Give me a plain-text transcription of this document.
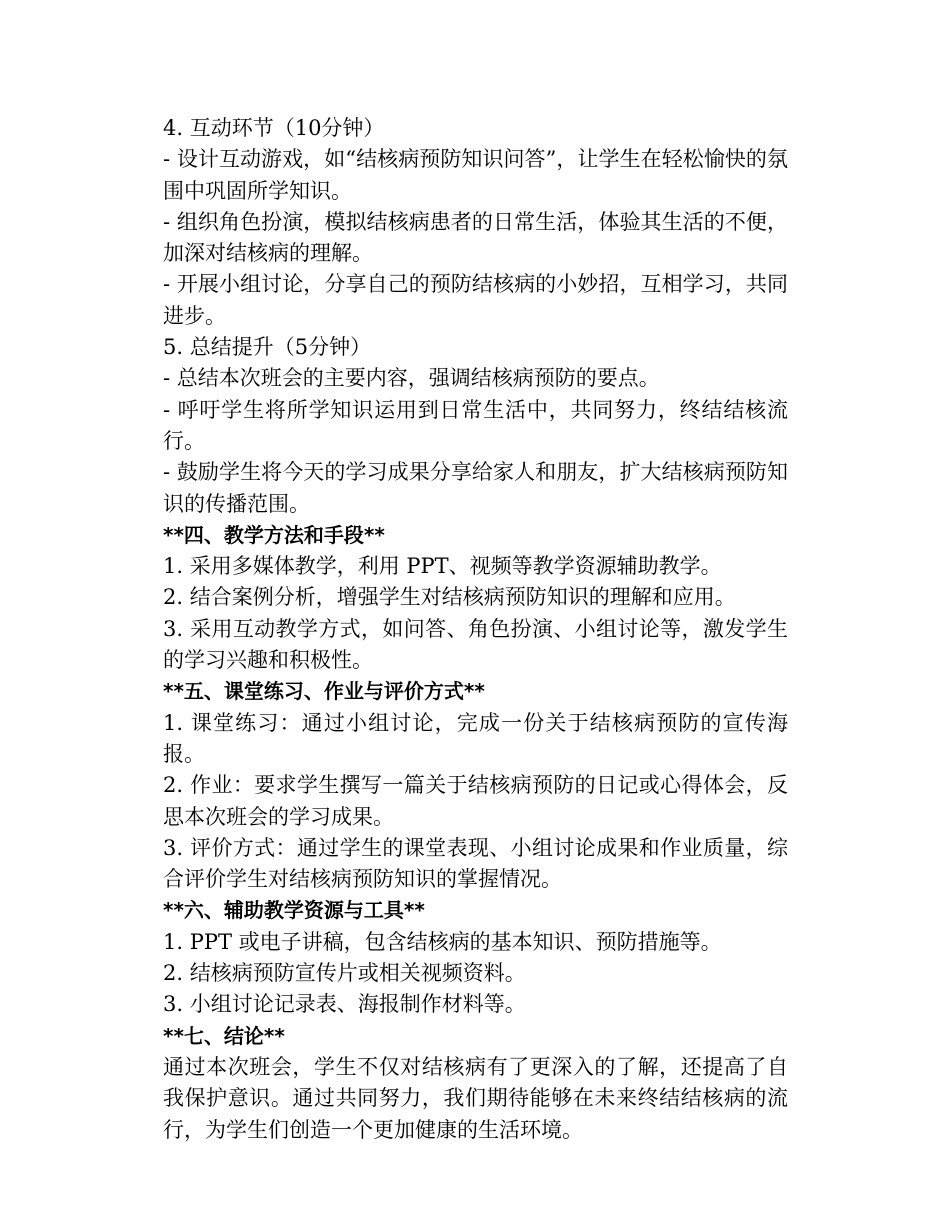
4. 互动环节（10分钟）

- 设计互动游戏，如“结核病预防知识问答”，让学生在轻松愉快的氛围中巩固所学知识。

- 组织角色扮演，模拟结核病患者的日常生活，体验其生活的不便，加深对结核病的理解。

- 开展小组讨论，分享自己的预防结核病的小妙招，互相学习，共同进步。

5. 总结提升（5分钟）

- 总结本次班会的主要内容，强调结核病预防的要点。

- 呼吁学生将所学知识运用到日常生活中，共同努力，终结结核流行。

- 鼓励学生将今天的学习成果分享给家人和朋友，扩大结核病预防知识的传播范围。

**四、教学方法和手段**

1. 采用多媒体教学，利用 PPT、视频等教学资源辅助教学。

2. 结合案例分析，增强学生对结核病预防知识的理解和应用。

3. 采用互动教学方式，如问答、角色扮演、小组讨论等，激发学生的学习兴趣和积极性。

**五、课堂练习、作业与评价方式**

1. 课堂练习：通过小组讨论，完成一份关于结核病预防的宣传海报。

2. 作业：要求学生撰写一篇关于结核病预防的日记或心得体会，反思本次班会的学习成果。

3. 评价方式：通过学生的课堂表现、小组讨论成果和作业质量，综合评价学生对结核病预防知识的掌握情况。

**六、辅助教学资源与工具**

1. PPT 或电子讲稿，包含结核病的基本知识、预防措施等。

2. 结核病预防宣传片或相关视频资料。

3. 小组讨论记录表、海报制作材料等。

**七、结论**

通过本次班会，学生不仅对结核病有了更深入的了解，还提高了自我保护意识。通过共同努力，我们期待能够在未来终结结核病的流行，为学生们创造一个更加健康的生活环境。
